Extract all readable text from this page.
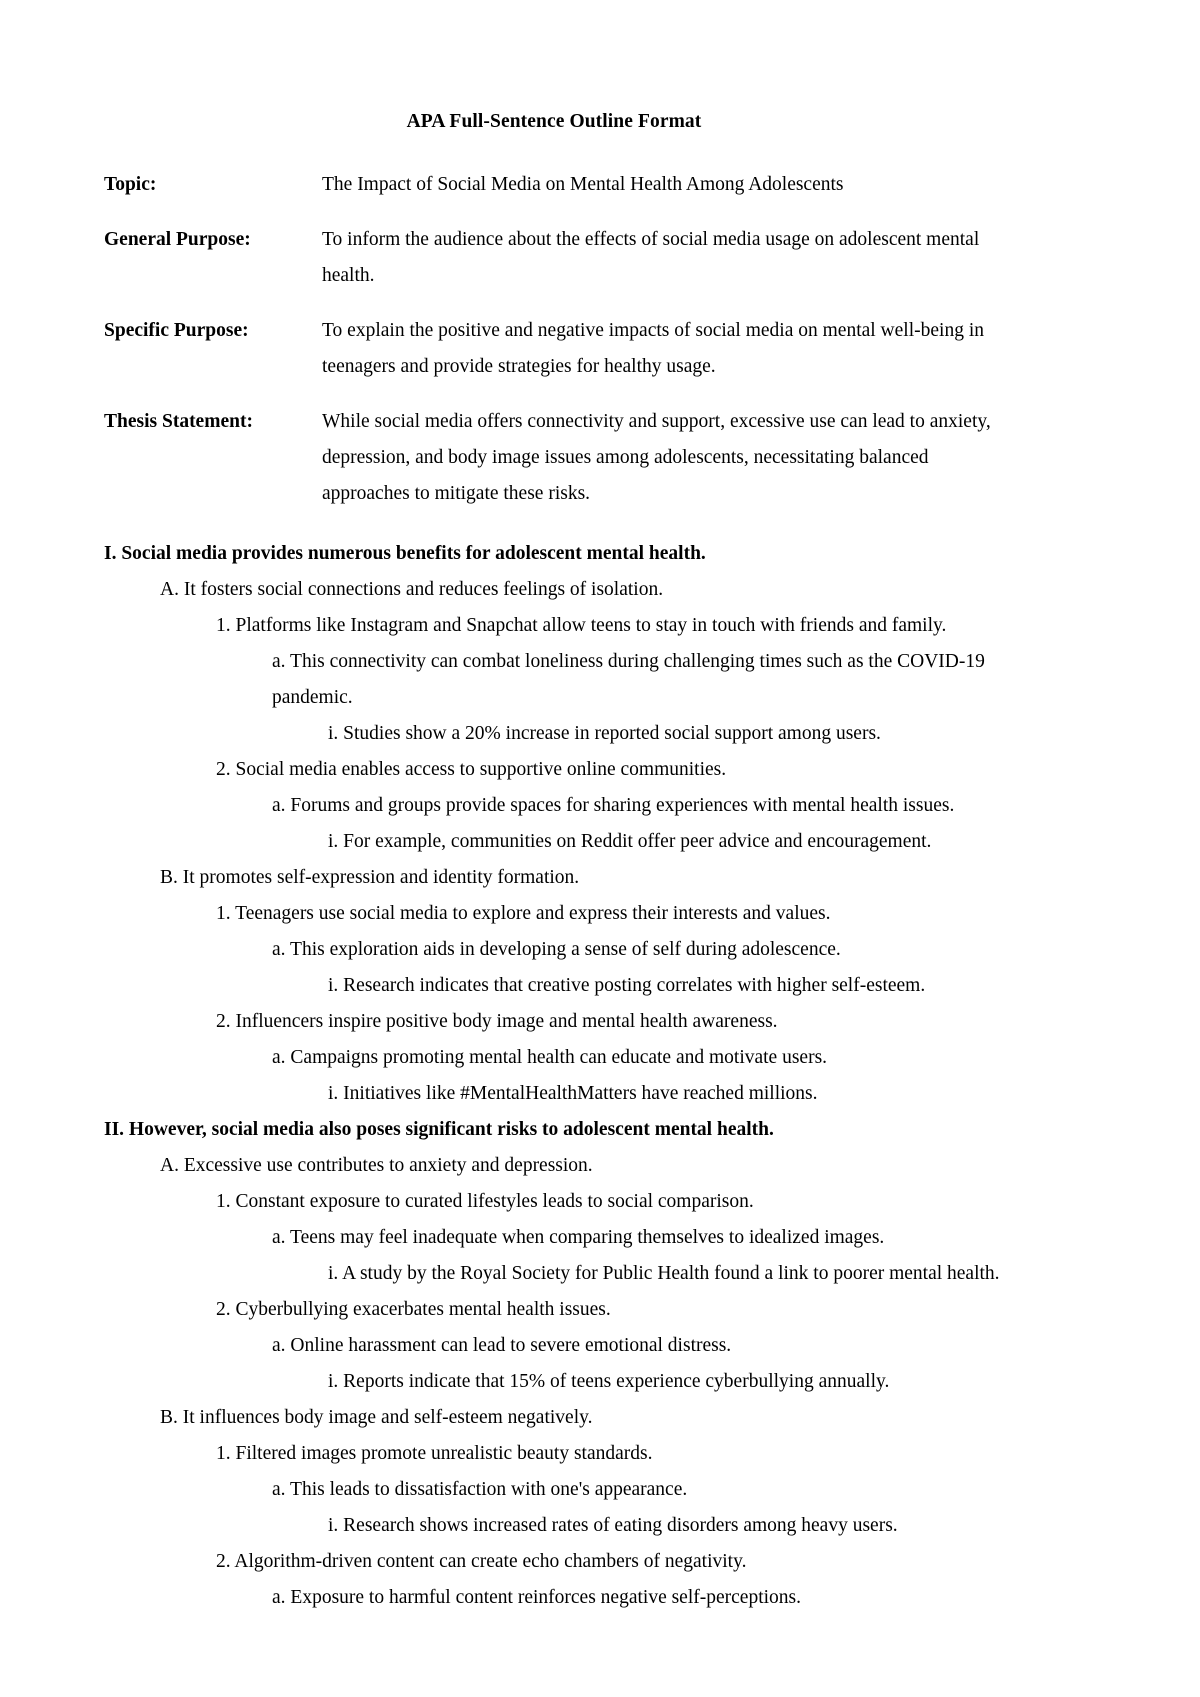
APA Full-Sentence Outline Format
Topic:	The Impact of Social Media on Mental Health Among Adolescents
General Purpose:	To inform the audience about the effects of social media usage on adolescent mental health.
Specific Purpose:	To explain the positive and negative impacts of social media on mental well-being in teenagers and provide strategies for healthy usage.
Thesis Statement:	While social media offers connectivity and support, excessive use can lead to anxiety, depression, and body image issues among adolescents, necessitating balanced approaches to mitigate these risks.
I. Social media provides numerous benefits for adolescent mental health.
A. It fosters social connections and reduces feelings of isolation.
1. Platforms like Instagram and Snapchat allow teens to stay in touch with friends and family.
a. This connectivity can combat loneliness during challenging times such as the COVID-19 pandemic.
i. Studies show a 20% increase in reported social support among users.
2. Social media enables access to supportive online communities.
a. Forums and groups provide spaces for sharing experiences with mental health issues.
i. For example, communities on Reddit offer peer advice and encouragement.
B. It promotes self-expression and identity formation.
1. Teenagers use social media to explore and express their interests and values.
a. This exploration aids in developing a sense of self during adolescence.
i. Research indicates that creative posting correlates with higher self-esteem.
2. Influencers inspire positive body image and mental health awareness.
a. Campaigns promoting mental health can educate and motivate users.
i. Initiatives like #MentalHealthMatters have reached millions.
II. However, social media also poses significant risks to adolescent mental health.
A. Excessive use contributes to anxiety and depression.
1. Constant exposure to curated lifestyles leads to social comparison.
a. Teens may feel inadequate when comparing themselves to idealized images.
i. A study by the Royal Society for Public Health found a link to poorer mental health.
2. Cyberbullying exacerbates mental health issues.
a. Online harassment can lead to severe emotional distress.
i. Reports indicate that 15% of teens experience cyberbullying annually.
B. It influences body image and self-esteem negatively.
1. Filtered images promote unrealistic beauty standards.
a. This leads to dissatisfaction with one's appearance.
i. Research shows increased rates of eating disorders among heavy users.
2. Algorithm-driven content can create echo chambers of negativity.
a. Exposure to harmful content reinforces negative self-perceptions.
